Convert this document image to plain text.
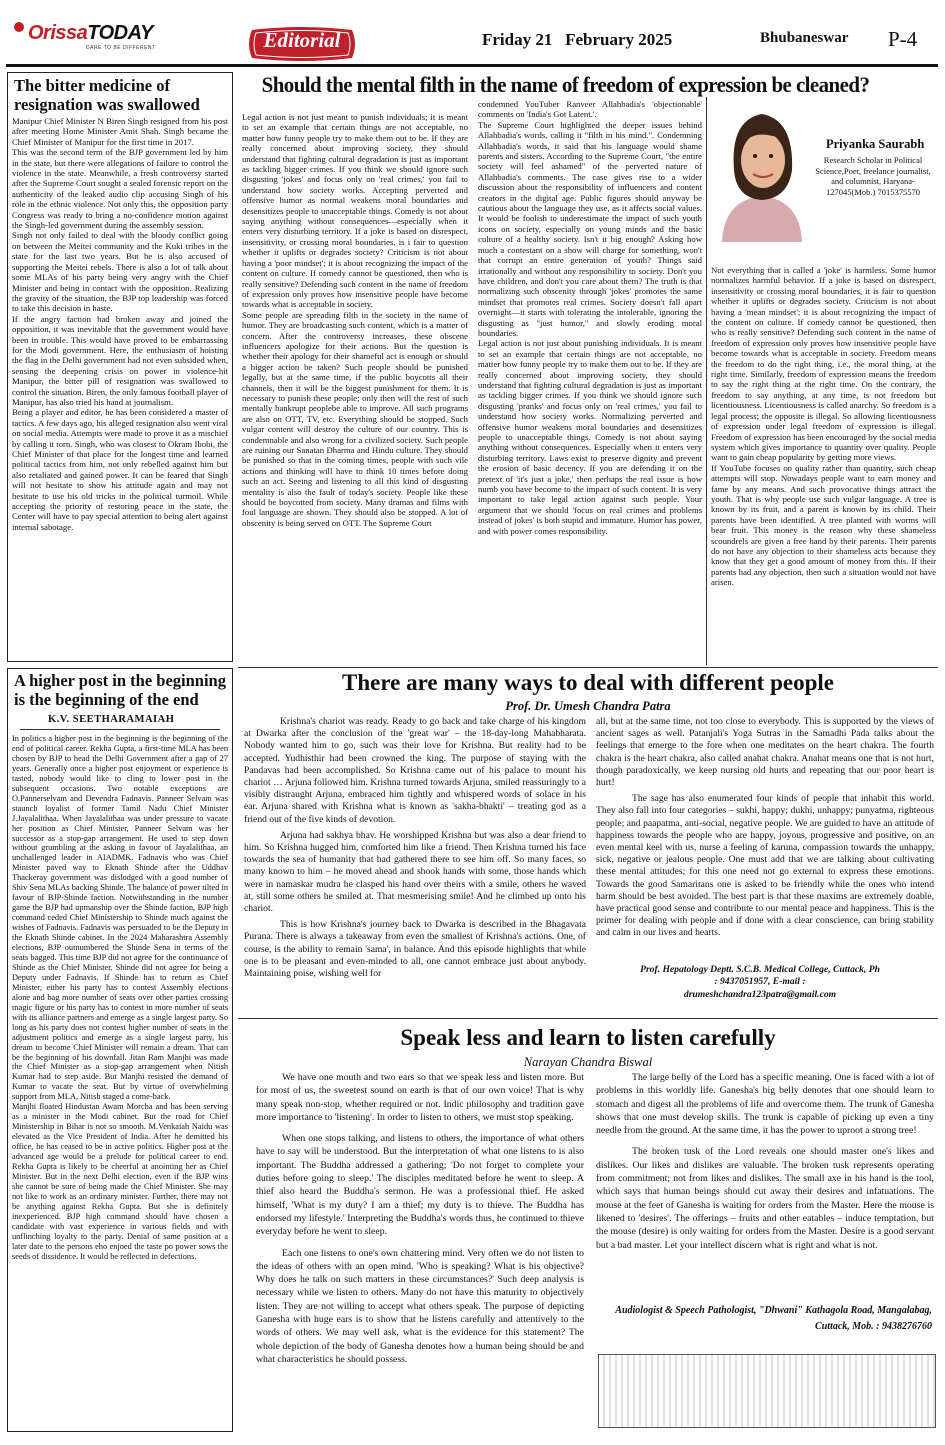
OrissaTODAY
DARE TO BE DIFFERENT	Editorial	Friday 21   February 2025	Bhubaneswar P-4
The bitter medicine of resignation was swallowed

Manipur Chief Minister N Biren Singh resigned from his post after meeting Home Minister Amit Shah. Singh became the Chief Minister of Manipur for the first time in 2017.

This was the second term of the BJP government led by him in the state, but there were allegations of failure to control the violence in the state. Meanwhile, a fresh controversy started after the Supreme Court sought a sealed forensic report on the authenticity of the leaked audio clip accusing Singh of his role in the ethnic violence. Not only this, the opposition party Congress was ready to bring a no-confidence motion against the Singh-led government during the assembly session.

Singh not only failed to deal with the bloody conflict going on between the Meitei community and the Kuki tribes in the state for the last two years. But he is also accused of supporting the Meitei rebels. There is also a lot of talk about some MLAs of his party being very angry with the Chief Minister and being in contact with the opposition. Realizing the gravity of the situation, the BJP top leadership was forced to take this decision in haste.

If the angry faction had broken away and joined the opposition, it was inevitable that the government would have been in trouble. This would have proved to be embarrassing for the Modi government. Here, the enthusiasm of hoisting the flag in the Delhi government had not even subsided when, sensing the deepening crisis on power in violence-hit Manipur, the bitter pill of resignation was swallowed to control the situation. Biren, the only famous football player of Manipur, has also tried his hand at journalism.

Being a player and editor, he has been considered a master of tactics. A few days ago, his alleged resignation also went viral on social media. Attempts were made to prove it as a mischief by calling it torn. Singh, who was closest to Okram Ibobi, the Chief Minister of that place for the longest time and learned political tactics from him, not only rebelled against him but also retaliated and gained power. It can be feared that Singh will not hesitate to show his attitude again and may not hesitate to use his old tricks in the political turmoil. While accepting the priority of restoring peace in the state, the Center will have to pay special attention to being alert against internal sabotage.

Should the mental filth in the name of freedom of expression be cleaned?

Legal action is not just meant to punish individuals; it is meant to set an example that certain things are not acceptable, no matter how funny people try to make them out to be. If they are really concerned about improving society, they should understand that fighting cultural degradation is just as important as tackling bigger crimes. If you think we should ignore such disgusting 'jokes' and focus only on 'real crimes,' you fail to understand how society works. Accepting perverted and offensive humor as normal weakens moral boundaries and desensitizes people to unacceptable things. Comedy is not about saying anything without consequences—especially when it enters very disturbing territory. If a joke is based on disrespect, insensitivity, or crossing moral boundaries, is i fair to question whether it uplifts or degrades society? Criticism is not about having a 'poor mindset'; it is about recognizing the impact of the content on culture. If comedy cannot be questioned, then who is really sensitive? Defending such content in the name of freedom of expression only proves how insensitive people have become towards what is acceptable in society.

Some people are spreading filth in the society in the name of humor. They are broadcasting such content, which is a matter of concern. After the controversy increases, these obscene influencers apologize for their actions. But the question is whether their apology for their shameful act is enough or should a bigger action be taken? Such people should be punished legally, but at the same time, if the public boycotts all their channels, then it will be the biggest punishment for them. It is necessary to punish these people; only then will the rest of such mentally bankrupt peoplebe able to improve. All such programs are also on OTT, TV, etc. Everything should be stopped. Such vulgar content will destroy the culture of our country. This is condemnable and also wrong for a civilized society. Such people are ruining our Sanatan Dharma and Hindu culture. They should be punished so that in the coming times, people with such vile actions and thinking will have to think 10 times before doing such an act. Seeing and listening to all this kind of disgusting mentality is also the fault of today's society. People like these should be boycotted from society. Many dramas and films with foul language are shown. They should also be stopped. A lot of obscenity is being served on OTT. The Supreme Court

condemned YouTuber Ranveer Allahbadia's 'objectionable' comments on 'India's Got Latent.'.

The Supreme Court highlighted the deeper issues behind Allahbadia's words, calling it "filth in his mind.". Condemning Allahbadia's words, it said that his language would shame parents and sisters. According to the Supreme Court, "the entire society will feel ashamed" of the perverted nature of Allahbadia's comments. The case gives rise to a wider discussion about the responsibility of influencers and content creators in the digital age. Public figures should anyway be cautious about the language they use, as it affects social values. It would be foolish to underestimate the impact of such youth icons on society, especially on young minds and the basic culture of a healthy society. Isn't it big enough? Asking how much a contestant on a show will charge for something, won't that corrupt an entire generation of youth? Things said irrationally and without any responsibility to society. Don't you have children, and don't you care about them? The truth is that normalizing such obscenity through 'jokes' promotes the same mindset that promotes real crimes. Society doesn't fall apart overnight—it starts with tolerating the intolerable, ignoring the disgusting as "just humor," and slowly eroding moral boundaries.

Legal action is not just about punishing individuals. It is meant to set an example that certain things are not acceptable, no matter how funny people try to make them out to be. If they are really concerned about improving society, they should understand that fighting cultural degradation is just as important as tackling bigger crimes. If you think we should ignore such disgusting 'pranks' and focus only on 'real crimes,' you fail to understand how society works. Normalizing perverted and offensive humor weakens moral boundaries and desensitizes people to unacceptable things. Comedy is not about saying anything without consequences. Especially when it enters very disturbing territory. Laws exist to preserve dignity and prevent the erosion of basic decency. If you are defending it on the pretext of 'it's just a joke,' then perhaps the real issue is how numb you have become to the impact of such content. It is very important to take legal action against such people. Your argument that we should 'focus on real crimes and problems instead of jokes' is both stupid and immature. Humor has power, and with power comes responsibility.

Priyanka Saurabh
Research Scholar in Political Science,Poet, freelance journalist, and columnist, Haryana-127045(Mob.) 7015375570

Not everything that is called a 'joke' is harmless. Some humor normalizes harmful behavior. If a joke is based on disrespect, insensitivity or crossing moral boundaries, it is fair to question whether it uplifts or degrades society. Criticism is not about having a 'mean mindset'; it is about recognizing the impact of the content on culture. If comedy cannot be questioned, then who is really sensitive? Defending such content in the name of freedom of expression only proves how insensitive people have become towards what is acceptable in society. Freedom means the freedom to do the right thing, i.e., the moral thing, at the right time. Similarly, freedom of expression means the freedom to say the right thing at the right time. On the contrary, the freedom to say anything, at any time, is not freedom but licentiousness. Licentiousness is called anarchy. So freedom is a legal process; the opposite is illegal. So allowing licentiousness of expression under legal freedom of expression is illegal. Freedom of expression has been encouraged by the social media system which gives importance to quantity over quality. People want to gain cheap popularity by getting more views.

If YouTube focuses on quality rather than quantity, such cheap attempts will stop. Nowadays people want to earn money and fame by any means. And such provocative things attract the youth. That is why people use such vulgar language. A tree is known by its fruit, and a parent is known by its child. Their parents have been identified. A tree planted with worms will bear fruit. This money is the reason why these shameless scoundrels are given a free hand by their parents. Their parents do not have any objection to their shameless acts because they know that they get a good amount of money from this. If their parents had any objection, then such a situation would not have arisen.

A higher post in the beginning is the beginning of the end
K.V. SEETHARAMAIAH

In politics a higher post in the beginning is the beginning of the end of political career. Rekha Gupta, a first-time MLA has been chosen by BJP to head the Delhi Government after a gap of 27 years. Generally once a higher post enjoyment or experience is tasted, nobody would like to cling to lower post in the subsequent occasions. Two notable exceptions are O.Pannerselvam and Devendra Fadnavis. Panneer Selvam was staunch loyalist of former Tamil Nadu Chief Minister J.Jayalalithaa. When Jayalalithaa was under pressure to vacate her position as Chief Minister, Panneer Selvam was her successor as a stop-gap arrangement. He used to step down without grumbling at the asking in favour of Jayalalithaa, an unchallenged leader in AIADMK. Fadnavis who was Chief Minister paved way to Eknath Shinde after the Uddhav Thackeray government was dislodged with a good number of Shiv Sena MLAs backing Shinde. The balance of power tilted in favour of BJP-Shinde faction. Notwithstanding in the number game the BJP had upmanship over the Shinde faction, BJP high command ceded Chief Ministership to Shinde much against the wishes of Fadnavis. Fadnavis was persuaded to be the Deputy in the Eknath Shinde cabinet. In the 2024 Maharashtra Assembly elections, BJP outnumbered the Shinde Sena in terms of the seats bagged. This time BJP did not agree for the continuance of Shinde as the Chief Minister. Shinde did not agree for being a Deputy under Fadnavis. If Shinde has to return as Chief Minister, either his party has to contest Assembly elections alone and bag more number of seats over other parties crossing magic figure or his party has to contest in more number of seats with its alliance partners and emerge as a single largest party. So long as his party does not contest higher number of seats in the adjustment politics and emerge as a single largest party, his dream to become Chief Minister will remain a dream. That can be the beginning of his downfall. Jitan Ram Manjhi was made the Chief Minister as a stop-gap arrangement when Nitish Kumar had to step aside. But Manjhi resisted the demand of Kumar to vacate the seat. But by virtue of overwhelming support from MLA, Nitish staged a come-back.

Manjhi floated Hindustan Awam Morcha and has been serving as a minister in the Modi cabinet. But the road for Chief Ministership in Bihar is not so smooth. M.Venkaiah Naidu was elevated as the Vice President of India. After he demitted his office, he has ceased to be in active politics. Higher post at the advanced age would be a prelude for political career to end. Rekha Gupta is likely to be cheerful at anointing her as Chief Minister. But in the next Delhi election, even if the BJP wins she cannot be sure of being made the Chief Minister. She may not like to work as an ordinary minister. Further, there may not be anything against Rekha Gupta. But she is definitely inexperienced. BJP high command should have chosen a candidate with vast experience in various fields and with unflinching loyalty to the party. Denial of same position at a later date to the persons eho enjoed the taste po power sows the seeds of dissidence. It would be reflected in defections.

There are many ways to deal with different people
Prof. Dr. Umesh Chandra Patra

Krishna's chariot was ready. Ready to go back and take charge of his kingdom at Dwarka after the conclusion of the 'great war' – the 18-day-long Mahabharata. Nobody wanted him to go, such was their love for Krishna. But reality had to be accepted. Yudhisthir had been crowned the king. The purpose of staying with the Pandavas had been accomplished. So Krishna came out of his palace to mount his chariot … Arjuna followed him. Krishna turned towards Arjuna, smiled reassuringly to a visibly distraught Arjuna, embraced him tightly and whispered words of solace in his ear. Arjuna shared with Krishna what is known as 'sakha-bhakti' – treating god as a friend out of the five kinds of devotion.

Arjuna had sakhya bhav. He worshipped Krishna but was also a dear friend to him. So Krishna hugged him, comforted him like a friend. Then Krishna turned his face towards the sea of humanity that had gathered there to see him off. So many faces, so many known to him – he moved ahead and shook hands with some, those hands which were in namaskar mudra he clasped his hand over theirs with a smile, others he waved at, still some others he smiled at. That mesmerising smile! And he climbed up onto his chariot.

This is how Krishna's journey back to Dwarka is described in the Bhagavata Purana. There is always a takeaway from even the smallest of Krishna's actions. One, of course, is the ability to remain 'sama', in balance. And this episode highlights that while one is to be pleasant and even-minded to all, one cannot embrace just about anybody. Maintaining poise, wishing well for

all, but at the same time, not too close to everybody. This is supported by the views of ancient sages as well. Patanjali's Yoga Sutras in the Samadhi Pada talks about the feelings that emerge to the fore when one meditates on the heart chakra. The fourth chakra is the heart chakra, also called anahat chakra. Anahat means one that is not hurt, though paradoxically, we keep nursing old hurts and repeating that our poor heart is hurt!

The sage has also enumerated four kinds of people that inhabit this world. They also fall into four categories – sukhi, happy; dukhi, unhappy; punyatma, righteous people; and paapatma, anti-social, negative people. We are guided to have an attitude of happiness towards the people who are happy, joyous, progressive and positive, on an even mental keel with us, nurse a feeling of karuna, compassion towards the unhappy, sick, negative or jealous people. One must add that we are talking about cultivating these mental attitudes; for this one need not go external to express these emotions. Towards the good Samaritans one is asked to be friendly while the ones who intend harm should be best avoided. The best part is that these maxims are extremely doable, have practical good sense and contribute to our mental peace and happiness. This is the primer for dealing with people and if done with a clear conscience, can bring stability and calm in our lives and hearts.

Prof. Hepatology Deptt. S.C.B. Medical College, Cuttack, Ph : 9437051957, E-mail : drumeshchandra123patra@gmail.com
Speak less and learn to listen carefully
Narayan Chandra Biswal

We have one mouth and two ears so that we speak less and listen more. But for most of us, the sweetest sound on earth is that of our own voice! That is why many speak non-stop, whether required or not. Indic philosophy and tradition gave more importance to 'listening'. In order to listen to others, we must stop speaking.

When one stops talking, and listens to others, the importance of what others have to say will be understood. But the interpretation of what one listens to is also important. The Buddha addressed a gathering; 'Do not forget to complete your duties before going to sleep.' The disciples meditated before he went to sleep. A thief also heard the Buddha's sermon. He was a professional thief. He asked himself, 'What is my duty? I am a thief; my duty is to thieve. The Buddha has endorsed my lifestyle.' Interpreting the Buddha's words thus, he continued to thieve everyday before he went to sleep.

Each one listens to one's own chattering mind. Very often we do not listen to the ideas of others with an open mind. 'Who is speaking? What is his objective? Why does he talk on such matters in these circumstances?' Such deep analysis is necessary while we listen to others. Many do not have this maturity to objectively listen. They are not willing to accept what others speak. The purpose of depicting Ganesha with huge ears is to show that he listens carefully and attentively to the words of others. We may well ask, what is the evidence for this statement? The whole depiction of the body of Ganesha denotes how a human being should be and what characteristics he should possess.

The large belly of the Lord has a specific meaning. One is faced with a lot of problems in this worldly life. Ganesha's big belly denotes that one should learn to stomach and digest all the problems of life and overcome them. The trunk of Ganesha shows that one must develop skills. The trunk is capable of picking up even a tiny needle from the ground. At the same time, it has the power to uproot a strong tree!

The broken tusk of the Lord reveals one should master one's likes and dislikes. Our likes and dislikes are valuable. The broken tusk represents operating from commitment; not from likes and dislikes. The small axe in his hand is the tool, which says that human beings should cut away their desires and infatuations. The mouse at the feet of Ganesha is waiting for orders from the Master. Here the mouse is likened to 'desires'. The offerings – fruits and other eatables – induce temptation, but the mouse (desire) is only waiting for orders from the Master. Desire is a good servant but a bad master. Let your intellect discern what is right and what is not.

Audiologist & Speech Pathologist, "Dhwani" Kathagola Road, Mangalabag, Cuttack, Mob. : 9438276760
